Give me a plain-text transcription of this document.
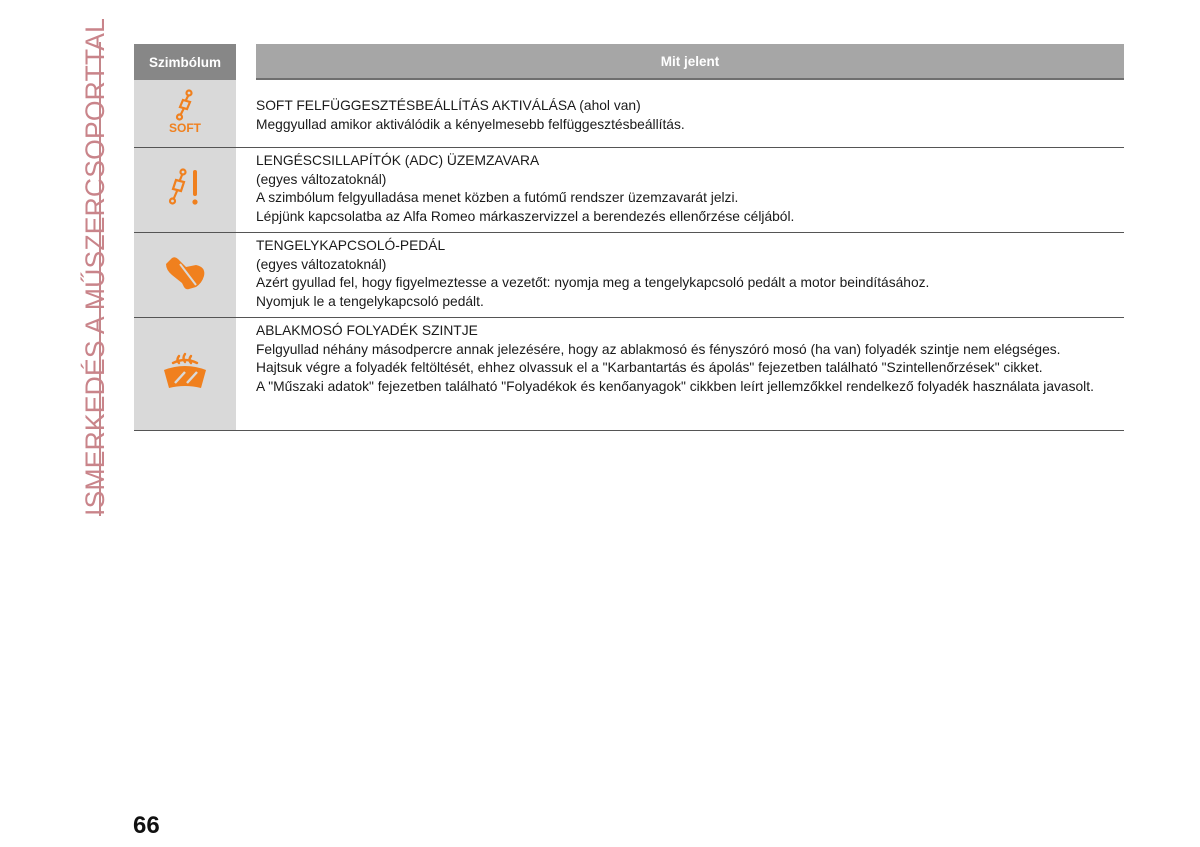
ISMERKEDÉS A MŰSZERCSOPORTTAL	Szimbólum	Mit jelent
SOFT
SOFT FELFÜGGESZTÉSBEÁLLÍTÁS AKTIVÁLÁSA (ahol van)
Meggyullad amikor aktiválódik a kényelmesebb felfüggesztésbeállítás.
LENGÉSCSILLAPÍTÓK (ADC) ÜZEMZAVARA
(egyes változatoknál)
A szimbólum felgyulladása menet közben a futómű rendszer üzemzavarát jelzi.
Lépjünk kapcsolatba az Alfa Romeo márkaszervizzel a berendezés ellenőrzése céljából.
TENGELYKAPCSOLÓ-PEDÁL
(egyes változatoknál)
Azért gyullad fel, hogy figyelmeztesse a vezetőt: nyomja meg a tengelykapcsoló pedált a motor beindításához.
Nyomjuk le a tengelykapcsoló pedált.
ABLAKMOSÓ FOLYADÉK SZINTJE
Felgyullad néhány másodpercre annak jelezésére, hogy az ablakmosó és fényszóró mosó (ha van) folyadék szintje nem elégséges.
Hajtsuk végre a folyadék feltöltését, ehhez olvassuk el a "Karbantartás és ápolás" fejezetben található "Szintellenőrzések" cikket.
A "Műszaki adatok" fejezetben található "Folyadékok és kenőanyagok" cikkben leírt jellemzőkkel rendelkező folyadék használata javasolt.
66
